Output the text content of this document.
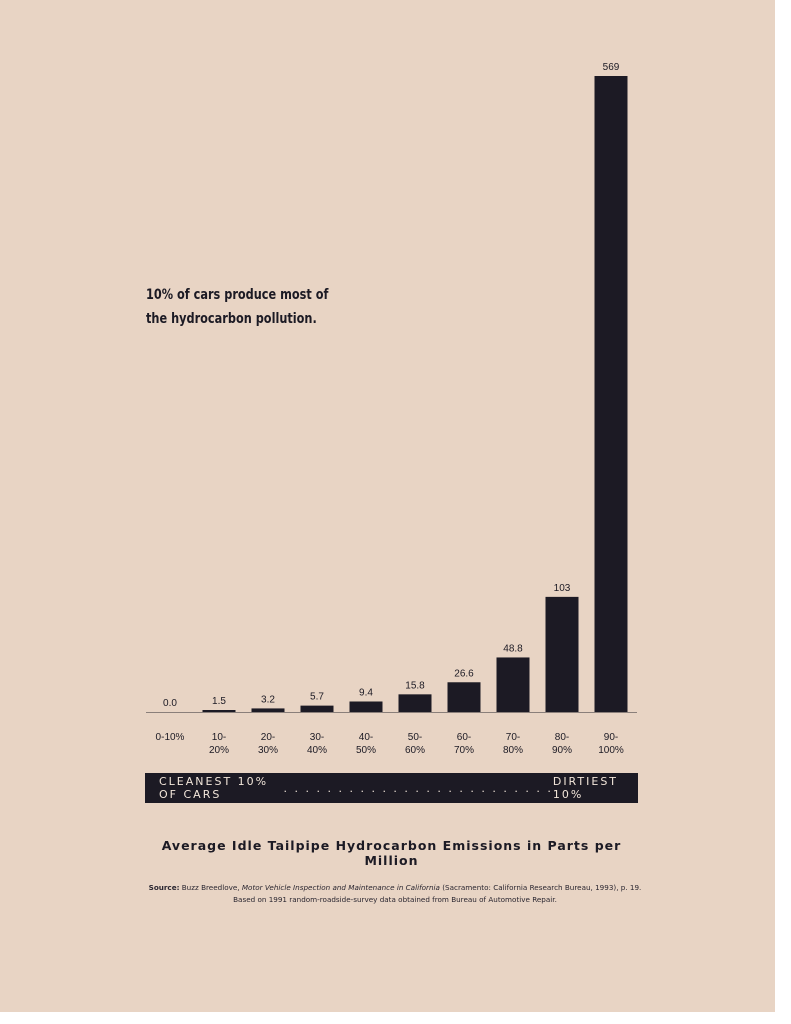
10% of cars produce most of
the hydrocarbon pollution.
0.0
0-10%
1.5
10-
20%
3.2
20-
30%
5.7
30-
40%
9.4
40-
50%
15.8
50-
60%
26.6
60-
70%
48.8
70-
80%
103
80-
90%
569
90-
100%
CLEANEST 10% OF CARS	. . . . . . . . . . . . . . . . . . . . . . . . . DIRTIEST 10%
Average Idle Tailpipe Hydrocarbon Emissions in Parts per Million
Source: Buzz Breedlove, Motor Vehicle Inspection and Maintenance in California (Sacramento: California Research Bureau, 1993), p. 19.
Based on 1991 random-roadside-survey data obtained from Bureau of Automotive Repair.
